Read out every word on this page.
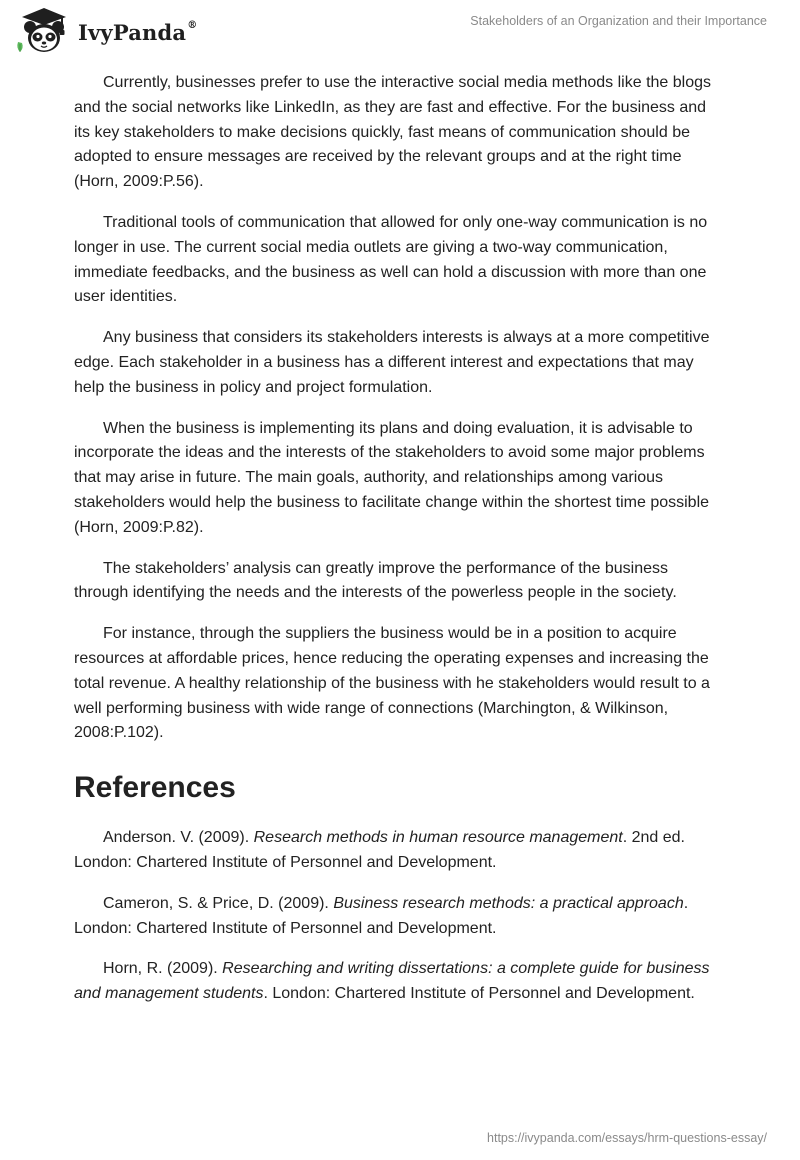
IvyPanda®	Stakeholders of an Organization and their Importance

Currently, businesses prefer to use the interactive social media methods like the blogs and the social networks like LinkedIn, as they are fast and effective. For the business and its key stakeholders to make decisions quickly, fast means of communication should be adopted to ensure messages are received by the relevant groups and at the right time (Horn, 2009:P.56).

Traditional tools of communication that allowed for only one-way communication is no longer in use. The current social media outlets are giving a two-way communication, immediate feedbacks, and the business as well can hold a discussion with more than one user identities.

Any business that considers its stakeholders interests is always at a more competitive edge. Each stakeholder in a business has a different interest and expectations that may help the business in policy and project formulation.

When the business is implementing its plans and doing evaluation, it is advisable to incorporate the ideas and the interests of the stakeholders to avoid some major problems that may arise in future. The main goals, authority, and relationships among various stakeholders would help the business to facilitate change within the shortest time possible (Horn, 2009:P.82).

The stakeholders’ analysis can greatly improve the performance of the business through identifying the needs and the interests of the powerless people in the society.

For instance, through the suppliers the business would be in a position to acquire resources at affordable prices, hence reducing the operating expenses and increasing the total revenue. A healthy relationship of the business with he stakeholders would result to a well performing business with wide range of connections (Marchington, & Wilkinson, 2008:P.102).

References

Anderson. V. (2009). Research methods in human resource management. 2nd ed. London: Chartered Institute of Personnel and Development.

Cameron, S. & Price, D. (2009). Business research methods: a practical approach. London: Chartered Institute of Personnel and Development.

Horn, R. (2009). Researching and writing dissertations: a complete guide for business and management students. London: Chartered Institute of Personnel and Development.

https://ivypanda.com/essays/hrm-questions-essay/
